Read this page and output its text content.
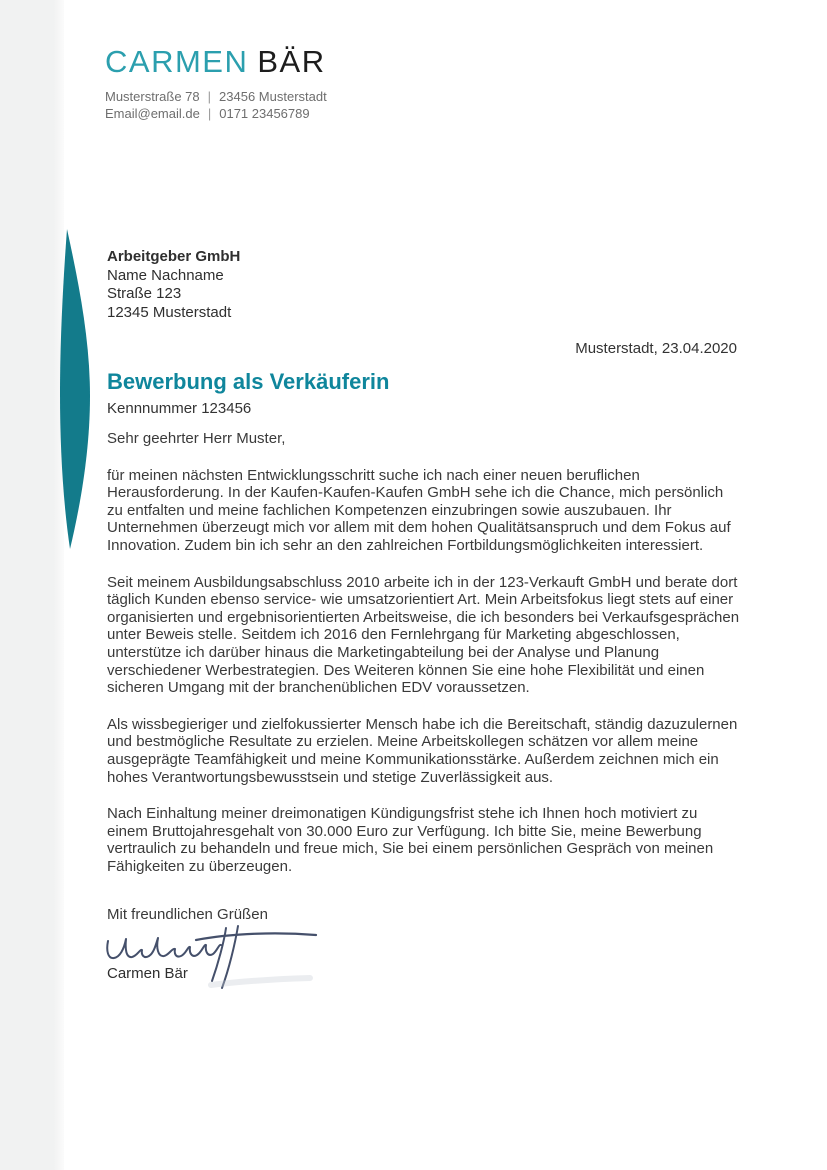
CARMEN BÄR
Musterstraße 78 | 23456 Musterstadt
Email@email.de | 0171 23456789
Arbeitgeber GmbH
Name Nachname
Straße 123
12345 Musterstadt
Musterstadt, 23.04.2020
Bewerbung als Verkäuferin
Kennnummer 123456

Sehr geehrter Herr Muster,

für meinen nächsten Entwicklungsschritt suche ich nach einer neuen beruflichen Herausforderung. In der Kaufen-Kaufen-Kaufen GmbH sehe ich die Chance, mich persönlich zu entfalten und meine fachlichen Kompetenzen einzubringen sowie auszubauen. Ihr Unternehmen überzeugt mich vor allem mit dem hohen Qualitätsanspruch und dem Fokus auf Innovation. Zudem bin ich sehr an den zahlreichen Fortbildungsmöglichkeiten interessiert.

Seit meinem Ausbildungsabschluss 2010 arbeite ich in der 123-Verkauft GmbH und berate dort täglich Kunden ebenso service- wie umsatzorientiert Art. Mein Arbeitsfokus liegt stets auf einer organisierten und ergebnisorientierten Arbeitsweise, die ich besonders bei Verkaufsgesprächen unter Beweis stelle. Seitdem ich 2016 den Fernlehrgang für Marketing abgeschlossen, unterstütze ich darüber hinaus die Marketingabteilung bei der Analyse und Planung verschiedener Werbestrategien. Des Weiteren können Sie eine hohe Flexibilität und einen sicheren Umgang mit der branchenüblichen EDV voraussetzen.

Als wissbegieriger und zielfokussierter Mensch habe ich die Bereitschaft, ständig dazuzulernen und bestmögliche Resultate zu erzielen. Meine Arbeitskollegen schätzen vor allem meine ausgeprägte Teamfähigkeit und meine Kommunikationsstärke. Außerdem zeichnen mich ein hohes Verantwortungsbewusstsein und stetige Zuverlässigkeit aus.

Nach Einhaltung meiner dreimonatigen Kündigungsfrist stehe ich Ihnen hoch motiviert zu einem Bruttojahresgehalt von 30.000 Euro zur Verfügung. Ich bitte Sie, meine Bewerbung vertraulich zu behandeln und freue mich, Sie bei einem persönlichen Gespräch von meinen Fähigkeiten zu überzeugen.

Mit freundlichen Grüßen
Carmen Bär
